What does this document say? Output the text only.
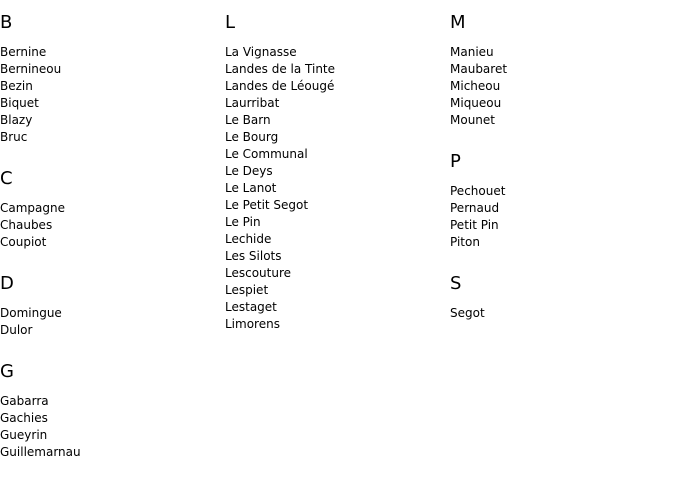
B
Bernine
Bernineou
Bezin
Biquet
Blazy
Bruc
C
Campagne
Chaubes
Coupiot
D
Domingue
Dulor
G
Gabarra
Gachies
Gueyrin
Guillemarnau
L
La Vignasse
Landes de la Tinte
Landes de Léougé
Laurribat
Le Barn
Le Bourg
Le Communal
Le Deys
Le Lanot
Le Petit Segot
Le Pin
Lechide
Les Silots
Lescouture
Lespiet
Lestaget
Limorens
M
Manieu
Maubaret
Micheou
Miqueou
Mounet
P
Pechouet
Pernaud
Petit Pin
Piton
S
Segot
